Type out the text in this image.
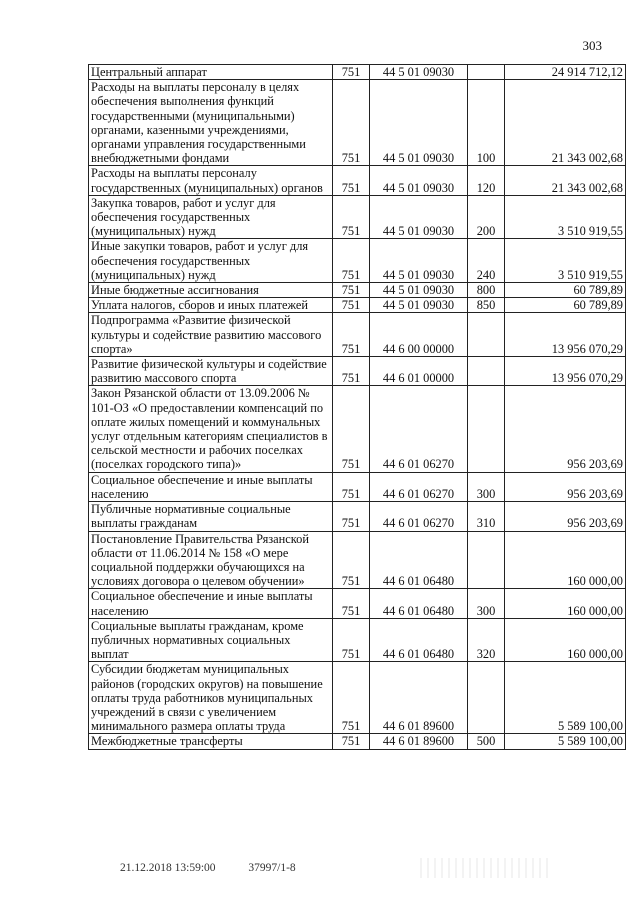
303
Центральный аппарат	751	44 5 01 09030		24 914 712,12
Расходы на выплаты персоналу в целях обеспечения выполнения функций государственными (муниципальными) органами, казенными учреждениями, органами управления государственными внебюджетными фондами	751	44 5 01 09030	100	21 343 002,68
Расходы на выплаты персоналу государственных (муниципальных) органов	751	44 5 01 09030	120	21 343 002,68
Закупка товаров, работ и услуг для обеспечения государственных (муниципальных) нужд	751	44 5 01 09030	200	3 510 919,55
Иные закупки товаров, работ и услуг для обеспечения государственных (муниципальных) нужд	751	44 5 01 09030	240	3 510 919,55
Иные бюджетные ассигнования	751	44 5 01 09030	800	60 789,89
Уплата налогов, сборов и иных платежей	751	44 5 01 09030	850	60 789,89
Подпрограмма «Развитие физической культуры и содействие развитию массового спорта»	751	44 6 00 00000		13 956 070,29
Развитие физической культуры и содействие развитию массового спорта	751	44 6 01 00000		13 956 070,29
Закон Рязанской области от 13.09.2006 № 101-ОЗ «О предоставлении компенсаций по оплате жилых помещений и коммунальных услуг отдельным категориям специалистов в сельской местности и рабочих поселках (поселках городского типа)»	751	44 6 01 06270		956 203,69
Социальное обеспечение и иные выплаты населению	751	44 6 01 06270	300	956 203,69
Публичные нормативные социальные выплаты гражданам	751	44 6 01 06270	310	956 203,69
Постановление Правительства Рязанской области от 11.06.2014 № 158 «О мере социальной поддержки обучающихся на условиях договора о целевом обучении»	751	44 6 01 06480		160 000,00
Социальное обеспечение и иные выплаты населению	751	44 6 01 06480	300	160 000,00
Социальные выплаты гражданам, кроме публичных нормативных социальных выплат	751	44 6 01 06480	320	160 000,00
Субсидии бюджетам муниципальных районов (городских округов) на повышение оплаты труда работников муниципальных учреждений в связи с увеличением минимального размера оплаты труда	751	44 6 01 89600		5 589 100,00
Межбюджетные трансферты	751	44 6 01 89600	500	5 589 100,00
21.12.2018 13:59:00	37997/1-8
